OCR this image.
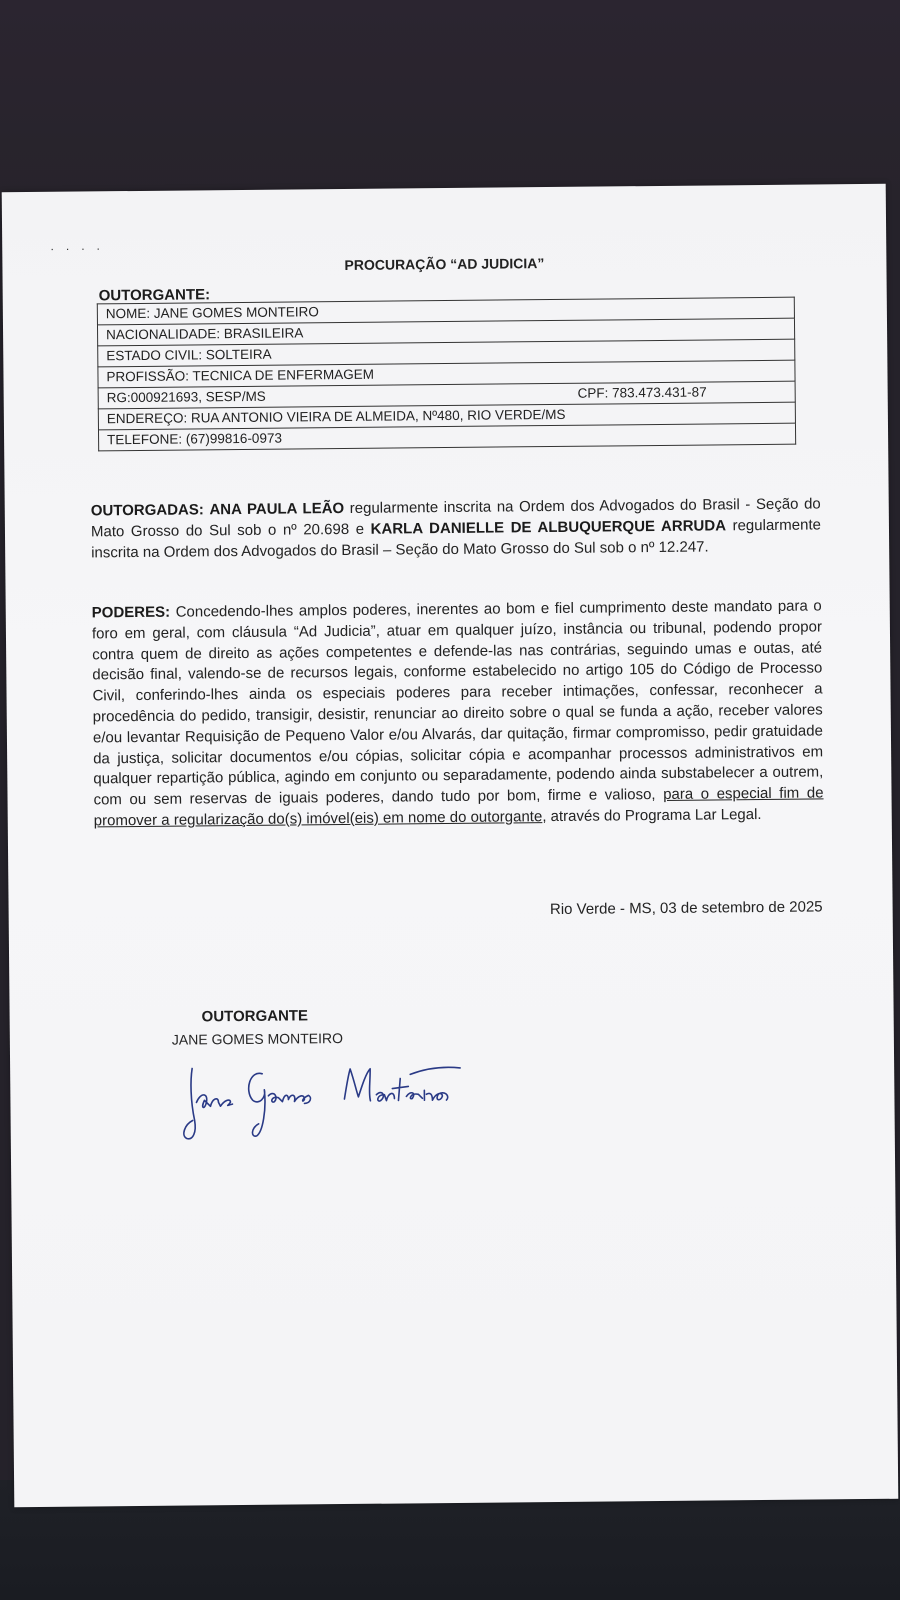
· · · ·
PROCURAÇÃO “AD JUDICIA”
OUTORGANTE:
NOME: JANE GOMES MONTEIRO
NACIONALIDADE: BRASILEIRA
ESTADO CIVIL: SOLTEIRA
PROFISSÃO: TECNICA DE ENFERMAGEM
RG:000921693, SESP/MS	CPF: 783.473.431-87

ENDEREÇO: RUA ANTONIO VIEIRA DE ALMEIDA, Nº480, RIO VERDE/MS
TELEFONE: (67)99816-0973
OUTORGADAS: ANA PAULA LEÃO regularmente inscrita na Ordem dos Advogados do Brasil - Seção do Mato Grosso do Sul sob o nº 20.698 e KARLA DANIELLE DE ALBUQUERQUE ARRUDA regularmente inscrita na Ordem dos Advogados do Brasil – Seção do Mato Grosso do Sul sob o nº 12.247.
PODERES: Concedendo-lhes amplos poderes, inerentes ao bom e fiel cumprimento deste mandato para o foro em geral, com cláusula “Ad Judicia”, atuar em qualquer juízo, instância ou tribunal, podendo propor contra quem de direito as ações competentes e defende-las nas contrárias, seguindo umas e outas, até decisão final, valendo-se de recursos legais, conforme estabelecido no artigo 105 do Código de Processo Civil, conferindo-lhes ainda os especiais poderes para receber intimações, confessar, reconhecer a procedência do pedido, transigir, desistir, renunciar ao direito sobre o qual se funda a ação, receber valores e/ou levantar Requisição de Pequeno Valor e/ou Alvarás, dar quitação, firmar compromisso, pedir gratuidade da justiça, solicitar documentos e/ou cópias, solicitar cópia e acompanhar processos administrativos em qualquer repartição pública, agindo em conjunto ou separadamente, podendo ainda substabelecer a outrem, com ou sem reservas de iguais poderes, dando tudo por bom, firme e valioso, para o especial fim de promover a regularização do(s) imóvel(eis) em nome do outorgante, através do Programa Lar Legal.
Rio Verde - MS, 03 de setembro de 2025
OUTORGANTE
JANE GOMES MONTEIRO
